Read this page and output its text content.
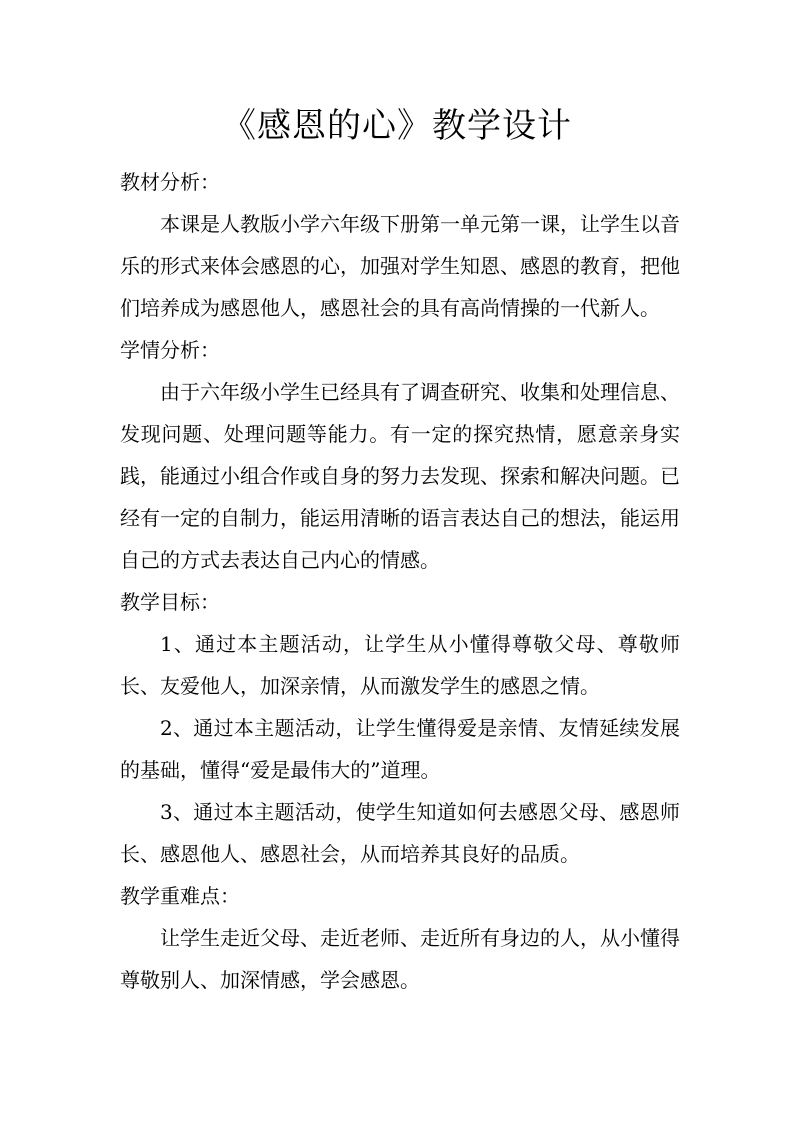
《感恩的心》教学设计

教材分析：

本课是人教版小学六年级下册第一单元第一课，让学生以音乐的形式来体会感恩的心，加强对学生知恩、感恩的教育，把他们培养成为感恩他人，感恩社会的具有高尚情操的一代新人。

学情分析：

由于六年级小学生已经具有了调查研究、收集和处理信息、发现问题、处理问题等能力。有一定的探究热情，愿意亲身实践，能通过小组合作或自身的努力去发现、探索和解决问题。已经有一定的自制力，能运用清晰的语言表达自己的想法，能运用自己的方式去表达自己内心的情感。

教学目标：

1、通过本主题活动，让学生从小懂得尊敬父母、尊敬师长、友爱他人，加深亲情，从而激发学生的感恩之情。

2、通过本主题活动，让学生懂得爱是亲情、友情延续发展的基础，懂得“爱是最伟大的”道理。

3、通过本主题活动，使学生知道如何去感恩父母、感恩师长、感恩他人、感恩社会，从而培养其良好的品质。

教学重难点：

让学生走近父母、走近老师、走近所有身边的人，从小懂得尊敬别人、加深情感，学会感恩。
